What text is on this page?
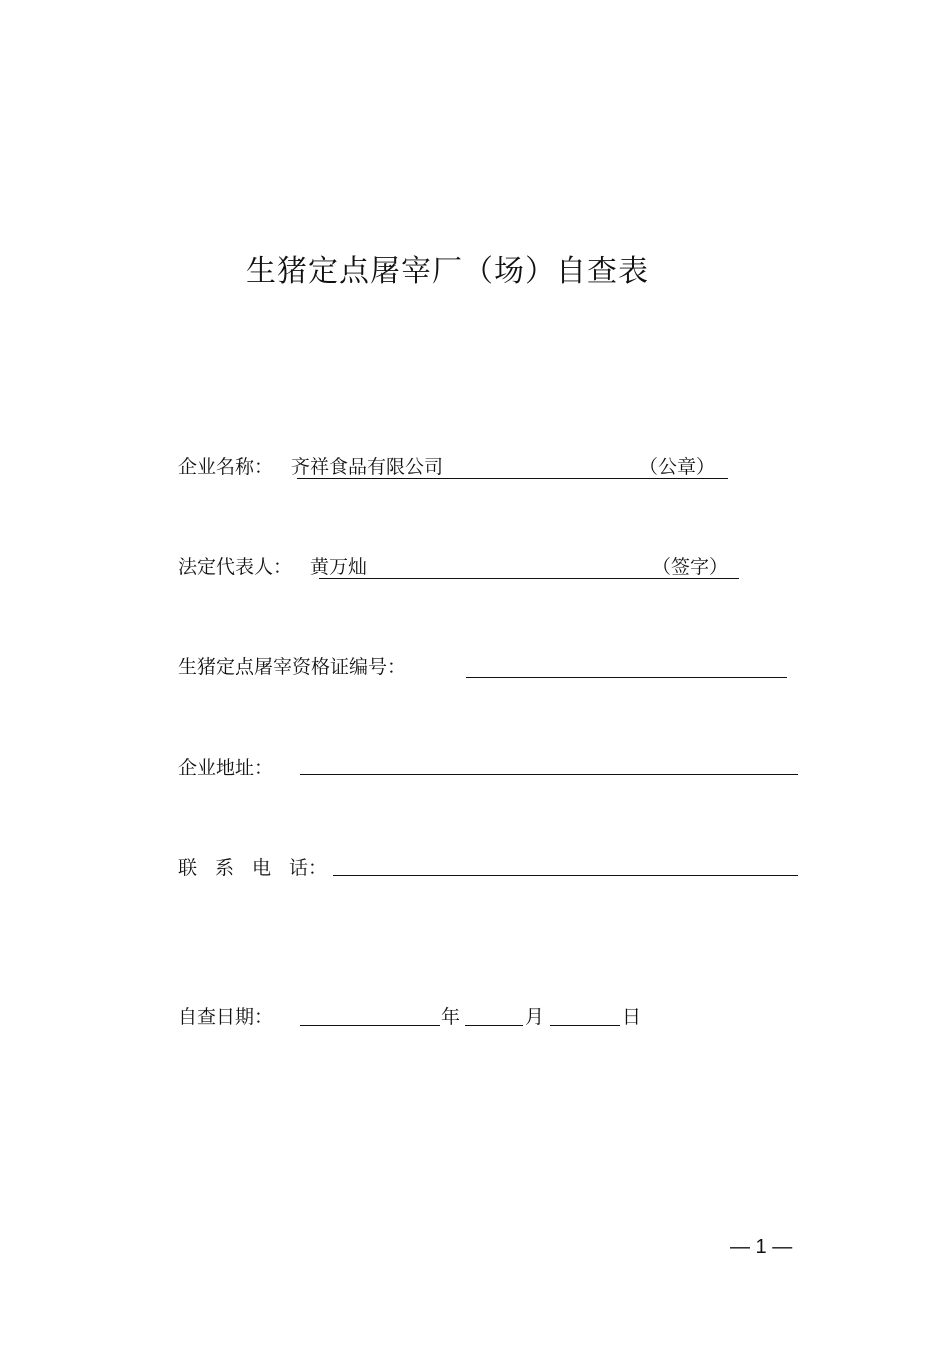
生猪定点屠宰厂（场）自查表
企业名称： 齐祥食品有限公司	（公章）
法定代表人： 黄万灿	（签字）
生猪定点屠宰资格证编号：
企业地址：
联 系 电 话：
自查日期：	年	月	日
— 1 —
